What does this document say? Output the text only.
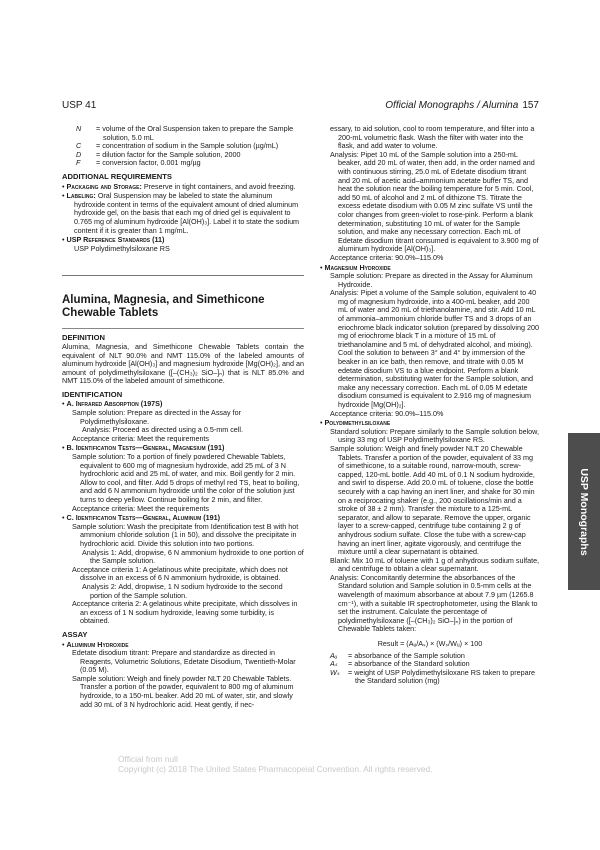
USP 41	Official Monographs / Alumina 157
N	= volume of the Oral Suspension taken to prepare the Sample solution, 5.0 mL
C	= concentration of sodium in the Sample solution (µg/mL)
D	= dilution factor for the Sample solution, 2000
F	= conversion factor, 0.001 mg/µg
ADDITIONAL REQUIREMENTS
• Packaging and Storage: Preserve in tight containers, and avoid freezing.
• Labeling: Oral Suspension may be labeled to state the aluminum hydroxide content in terms of the equivalent amount of dried aluminum hydroxide gel, on the basis that each mg of dried gel is equivalent to 0.765 mg of aluminum hydroxide [Al(OH)₃]. Label it to state the sodium content if it is greater than 1 mg/mL.
• USP Reference Standards (11)
USP Polydimethylsiloxane RS
Alumina, Magnesia, and Simethicone Chewable Tablets
DEFINITION
Alumina, Magnesia, and Simethicone Chewable Tablets contain the equivalent of NLT 90.0% and NMT 115.0% of the labeled amounts of aluminum hydroxide [Al(OH)₃] and magnesium hydroxide [Mg(OH)₂], and an amount of polydimethylsiloxane ([–(CH₃)₂ SiO–]ₙ) that is NLT 85.0% and NMT 115.0% of the labeled amount of simethicone.
IDENTIFICATION
• A. Infrared Absorption (197S)
Sample solution: Prepare as directed in the Assay for Polydimethylsiloxane.
Analysis: Proceed as directed using a 0.5-mm cell.
Acceptance criteria: Meet the requirements
• B. Identification Tests—General, Magnesium (191)
Sample solution: To a portion of finely powdered Chewable Tablets, equivalent to 600 mg of magnesium hydroxide, add 25 mL of 3 N hydrochloric acid and 25 mL of water, and mix. Boil gently for 2 min. Allow to cool, and filter. Add 5 drops of methyl red TS, heat to boiling, and add 6 N ammonium hydroxide until the color of the solution just turns to deep yellow. Continue boiling for 2 min, and filter.
Acceptance criteria: Meet the requirements
• C. Identification Tests—General, Aluminum (191)
Sample solution: Wash the precipitate from Identification test B with hot ammonium chloride solution (1 in 50), and dissolve the precipitate in hydrochloric acid. Divide this solution into two portions.
Analysis 1: Add, dropwise, 6 N ammonium hydroxide to one portion of the Sample solution.
Acceptance criteria 1: A gelatinous white precipitate, which does not dissolve in an excess of 6 N ammonium hydroxide, is obtained.
Analysis 2: Add, dropwise, 1 N sodium hydroxide to the second portion of the Sample solution.
Acceptance criteria 2: A gelatinous white precipitate, which dissolves in an excess of 1 N sodium hydroxide, leaving some turbidity, is obtained.
ASSAY
• Aluminum Hydroxide
Edetate disodium titrant: Prepare and standardize as directed in Reagents, Volumetric Solutions, Edetate Disodium, Twentieth-Molar (0.05 M).
Sample solution: Weigh and finely powder NLT 20 Chewable Tablets. Transfer a portion of the powder, equivalent to 800 mg of aluminum hydroxide, to a 150-mL beaker. Add 20 mL of water, stir, and slowly add 30 mL of 3 N hydrochloric acid. Heat gently, if nec-
essary, to aid solution, cool to room temperature, and filter into a 200-mL volumetric flask. Wash the filter with water into the flask, and add water to volume.
Analysis: Pipet 10 mL of the Sample solution into a 250-mL beaker, add 20 mL of water, then add, in the order named and with continuous stirring, 25.0 mL of Edetate disodium titrant and 20 mL of acetic acid–ammonium acetate buffer TS, and heat the solution near the boiling temperature for 5 min. Cool, add 50 mL of alcohol and 2 mL of dithizone TS. Titrate the excess edetate disodium with 0.05 M zinc sulfate VS until the color changes from green-violet to rose-pink. Perform a blank determination, substituting 10 mL of water for the Sample solution, and make any necessary correction. Each mL of Edetate disodium titrant consumed is equivalent to 3.900 mg of aluminum hydroxide [Al(OH)₃].
Acceptance criteria: 90.0%–115.0%
• Magnesium Hydroxide
Sample solution: Prepare as directed in the Assay for Aluminum Hydroxide.
Analysis: Pipet a volume of the Sample solution, equivalent to 40 mg of magnesium hydroxide, into a 400-mL beaker, add 200 mL of water and 20 mL of triethanolamine, and stir. Add 10 mL of ammonia–ammonium chloride buffer TS and 3 drops of an eriochrome black indicator solution (prepared by dissolving 200 mg of eriochrome black T in a mixture of 15 mL of triethanolamine and 5 mL of dehydrated alcohol, and mixing). Cool the solution to between 3° and 4° by immersion of the beaker in an ice bath, then remove, and titrate with 0.05 M edetate disodium VS to a blue endpoint. Perform a blank determination, substituting water for the Sample solution, and make any necessary correction. Each mL of 0.05 M edetate disodium consumed is equivalent to 2.916 mg of magnesium hydroxide [Mg(OH)₂].
Acceptance criteria: 90.0%–115.0%
• Polydimethylsiloxane
Standard solution: Prepare similarly to the Sample solution below, using 33 mg of USP Polydimethylsiloxane RS.
Sample solution: Weigh and finely powder NLT 20 Chewable Tablets. Transfer a portion of the powder, equivalent of 33 mg of simethicone, to a suitable round, narrow-mouth, screw-capped, 120-mL bottle. Add 40 mL of 0.1 N sodium hydroxide, and swirl to disperse. Add 20.0 mL of toluene, close the bottle securely with a cap having an inert liner, and shake for 30 min on a reciprocating shaker (e.g., 200 oscillations/min and a stroke of 38 ± 2 mm). Transfer the mixture to a 125-mL separator, and allow to separate. Remove the upper, organic layer to a screw-capped, centrifuge tube containing 2 g of anhydrous sodium sulfate. Close the tube with a screw-cap having an inert liner, agitate vigorously, and centrifuge the mixture until a clear supernatant is obtained.
Blank: Mix 10 mL of toluene with 1 g of anhydrous sodium sulfate, and centrifuge to obtain a clear supernatant.
Analysis: Concomitantly determine the absorbances of the Standard solution and Sample solution in 0.5-mm cells at the wavelength of maximum absorbance at about 7.9 µm (1265.8 cm⁻¹), with a suitable IR spectrophotometer, using the Blank to set the instrument. Calculate the percentage of polydimethylsiloxane ([–(CH₃)₂ SiO–]ₙ) in the portion of Chewable Tablets taken:
Result = (Aᵤ/Aₛ) × (Wₛ/Wᵤ) × 100
Aᵤ	= absorbance of the Sample solution
Aₛ	= absorbance of the Standard solution
Wₛ = weight of USP Polydimethylsiloxane RS taken to prepare the Standard solution (mg)
USP Monographs
Official from null
Copyright (c) 2018 The United States Pharmacopeial Convention. All rights reserved.
